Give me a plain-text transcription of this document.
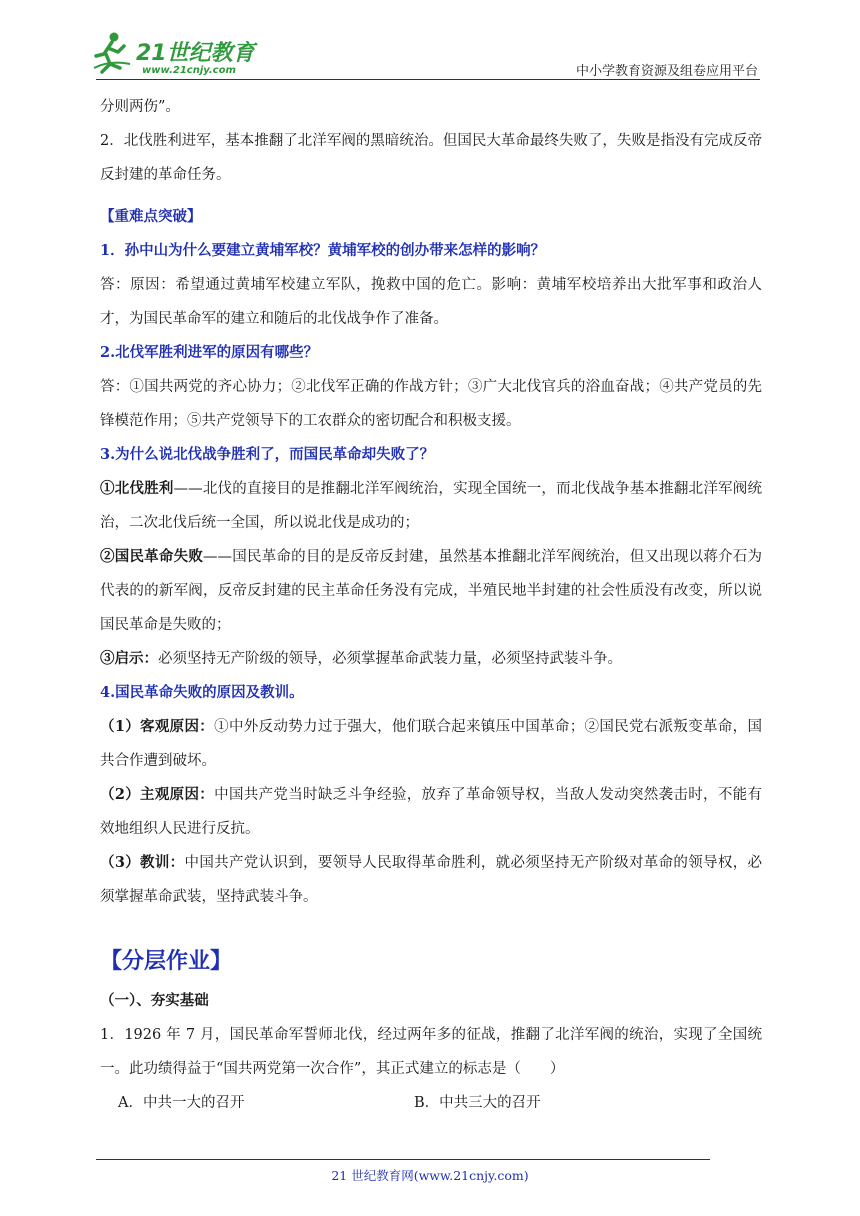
21世纪教育
www.21cnjy.com	中小学教育资源及组卷应用平台

分则两伤”。

2．北伐胜利进军，基本推翻了北洋军阀的黑暗统治。但国民大革命最终失败了，失败是指没有完成反帝反封建的革命任务。

【重难点突破】

1．孙中山为什么要建立黄埔军校？黄埔军校的创办带来怎样的影响？

答：原因：希望通过黄埔军校建立军队，挽救中国的危亡。影响：黄埔军校培养出大批军事和政治人才，为国民革命军的建立和随后的北伐战争作了准备。

2.北伐军胜利进军的原因有哪些？

答：①国共两党的齐心协力；②北伐军正确的作战方针；③广大北伐官兵的浴血奋战；④共产党员的先锋模范作用；⑤共产党领导下的工农群众的密切配合和积极支援。

3.为什么说北伐战争胜利了，而国民革命却失败了？

①北伐胜利——北伐的直接目的是推翻北洋军阀统治，实现全国统一，而北伐战争基本推翻北洋军阀统治，二次北伐后统一全国，所以说北伐是成功的；

②国民革命失败——国民革命的目的是反帝反封建，虽然基本推翻北洋军阀统治，但又出现以蒋介石为代表的的新军阀，反帝反封建的民主革命任务没有完成，半殖民地半封建的社会性质没有改变，所以说国民革命是失败的；

③启示：必须坚持无产阶级的领导，必须掌握革命武装力量，必须坚持武装斗争。

4.国民革命失败的原因及教训。

（1）客观原因：①中外反动势力过于强大，他们联合起来镇压中国革命；②国民党右派叛变革命，国共合作遭到破坏。

（2）主观原因：中国共产党当时缺乏斗争经验，放弃了革命领导权，当敌人发动突然袭击时，不能有效地组织人民进行反抗。

（3）教训：中国共产党认识到，要领导人民取得革命胜利，就必须坚持无产阶级对革命的领导权，必须掌握革命武装，坚持武装斗争。

【分层作业】

（一）、夯实基础

1．1926 年 7 月，国民革命军誓师北伐，经过两年多的征战，推翻了北洋军阀的统治，实现了全国统一。此功绩得益于“国共两党第一次合作”，其正式建立的标志是（　　）

A．中共一大的召开	B．中共三大的召开
21 世纪教育网(www.21cnjy.com)
